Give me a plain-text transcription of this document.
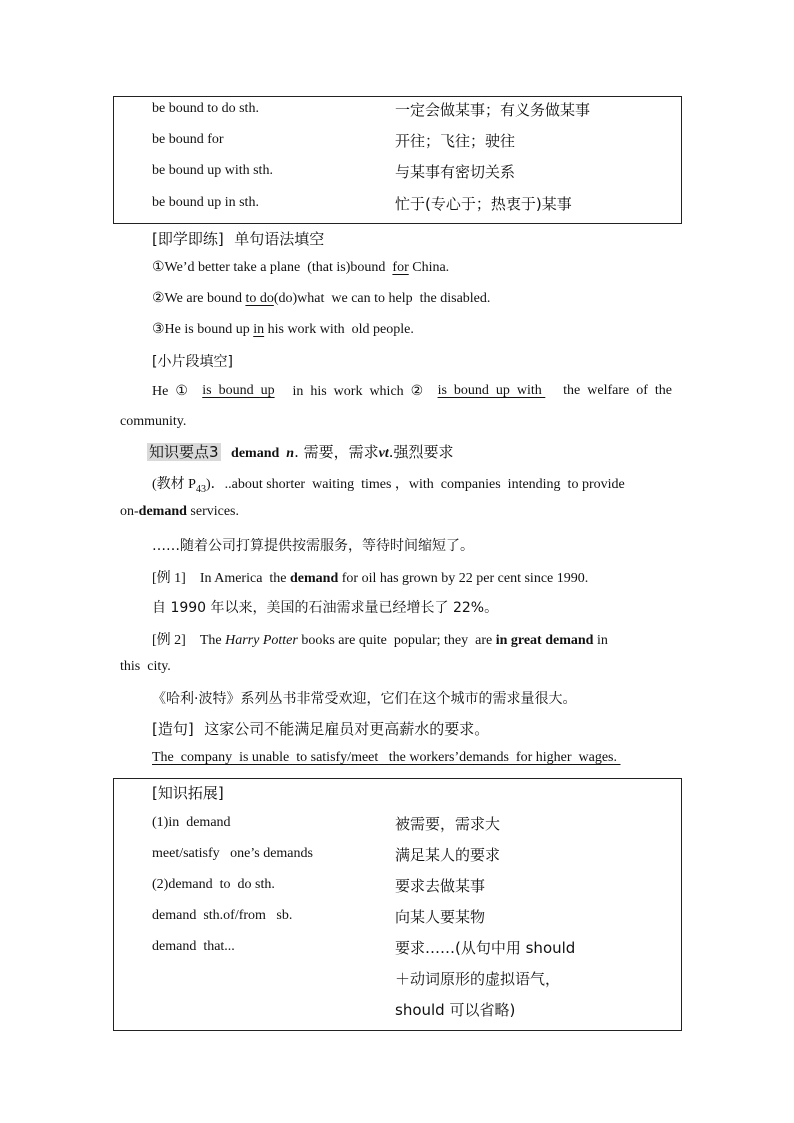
be bound to do sth.	一定会做某事；有义务做某事
be bound for	开往；飞往；驶往
be bound up with sth.	与某事有密切关系
be bound up in sth.	忙于(专心于；热衷于)某事
[即学即练] 单句语法填空
①We’d better take a plane  (that is)bound  for China.
②We are bound to do(do)what  we can to help  the disabled.
③He is bound up in his work with  old people.
[小片段填空]
He  ① is  bound  up in  his  work  which  ② is  bound  up  with the  welfare  of  the
community.
知识要点3 demand n. 需要，需求vt.强烈要求
(教材 $P_{43}$)．..about shorter  waiting  times ，with  companies  intending  to provide
on-demand services.
……随着公司打算提供按需服务，等待时间缩短了。
[例 1] In America  the demand for oil has grown by 22 per cent since 1990.
自 1990 年以来，美国的石油需求量已经增长了 22%。
[例 2] The Harry Potter books are quite  popular; they  are in great demand in
this  city.
《哈利·波特》系列丛书非常受欢迎，它们在这个城市的需求量很大。
[造句] 这家公司不能满足雇员对更高薪水的要求。
The  company  is unable  to satisfy/meet   the workers’demands  for higher  wages.
[知识拓展]
(1)in  demand	被需要，需求大
meet/satisfy   one’s demands	满足某人的要求
(2)demand  to  do sth.	要求去做某事
demand  sth.of/from   sb.	向某人要某物
demand  that...	要求……(从句中用 should
＋动词原形的虚拟语气，
should 可以省略)
